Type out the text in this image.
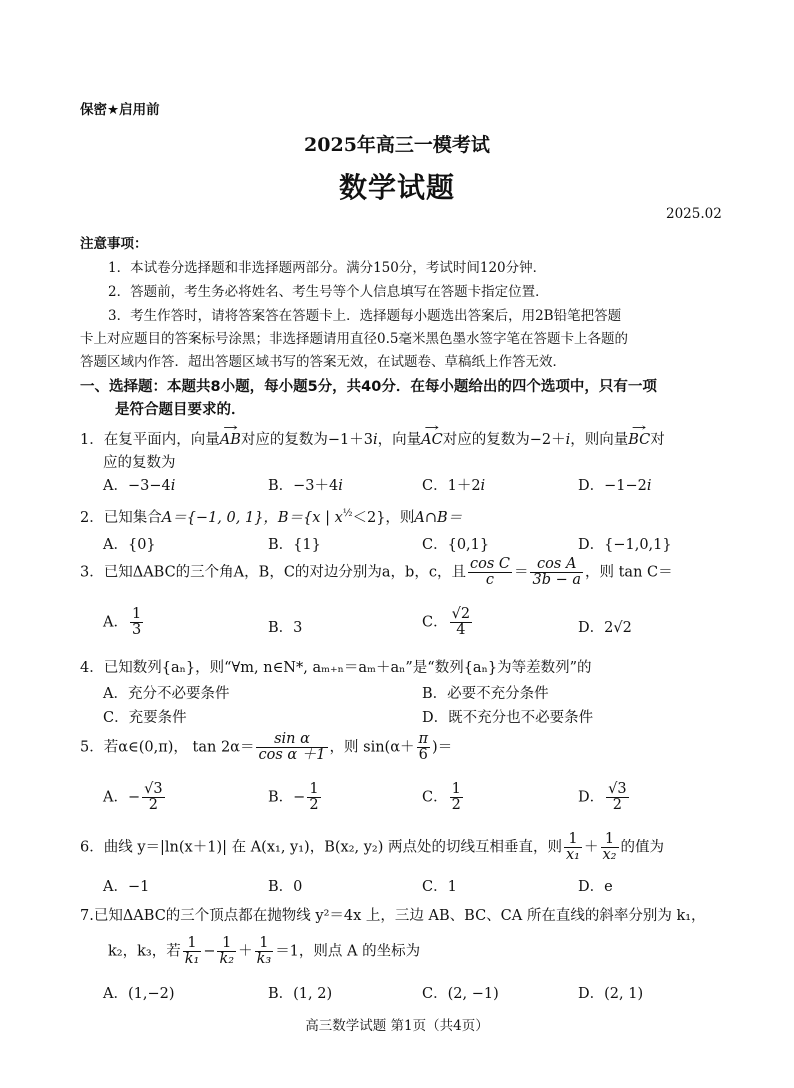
保密★启用前
2025年高三一模考试
数学试题
2025.02
注意事项：
1．本试卷分选择题和非选择题两部分。满分150分，考试时间120分钟．
2．答题前，考生务必将姓名、考生号等个人信息填写在答题卡指定位置．
3．考生作答时，请将答案答在答题卡上．选择题每小题选出答案后，用2B铅笔把答题
卡上对应题目的答案标号涂黑；非选择题请用直径0.5毫米黑色墨水签字笔在答题卡上各题的
答题区域内作答．超出答题区域书写的答案无效，在试题卷、草稿纸上作答无效．
一、选择题：本题共8小题，每小题5分，共40分．在每小题给出的四个选项中，只有一项
是符合题目要求的．
1．在复平面内，向量→ AB对应的复数为−1＋3i，向量→ AC对应的复数为−2＋i，则向量→ BC对
应的复数为
A．−3−4i	B．−3＋4i	C．1＋2i	D．−1−2i
2．已知集合A＝{−1, 0, 1}，B＝{x | $x^{\frac{1}{2}}<2$}，则A∩B＝
A．{0}	B．{1}	C．{0,1}	D．{−1,0,1}
3．已知ΔABC的三个角A，B，C的对边分别为a，b，c，且 $\frac{\text{cos C}}{c} = \frac{\text{cos A}}{3b - a}$ ，则 tan C＝
A． $\frac{1}{3}$	B．3	C． $\frac{√2}{4}$	D．2√2
4．已知数列{aₙ}，则“∀m, n∈N*, aₘ₊ₙ＝aₘ＋aₙ”是“数列{aₙ}为等差数列”的
A．充分不必要条件	B．必要不充分条件
C．充要条件	D．既不充分也不必要条件
5．若α∈(0,π)， $\tan 2\alpha= \frac{\text{sin α}}{\text{cos α ＋1}}$ ，则 $\sin(\alpha+ \frac{\pi}{6}$ )＝
A．− $\frac{√3}{2}$	B．− $\frac{1}{2}$	C． $\frac{1}{2}$	D． $\frac{√3}{2}$
6．曲线 y＝|ln(x＋1)| 在 A(x₁, y₁)，B(x₂, y₂) 两点处的切线互相垂直，则 $\frac{1}{\text{x₁}} + \frac{1}{\text{x₂}}$ 的值为
A．−1	B．0	C．1	D．e
7.已知ΔABC的三个顶点都在抛物线 y²＝4x 上，三边 AB、BC、CA 所在直线的斜率分别为 k₁，
k₂，k₃，若 $\frac{1}{\text{k₁}} - \frac{1}{\text{k₂}} + \frac{1}{\text{k₃}} =1$，则点 A 的坐标为
A．(1,−2)	B．(1, 2)	C．(2, −1)	D．(2, 1)
高三数学试题 第1页（共4页）
